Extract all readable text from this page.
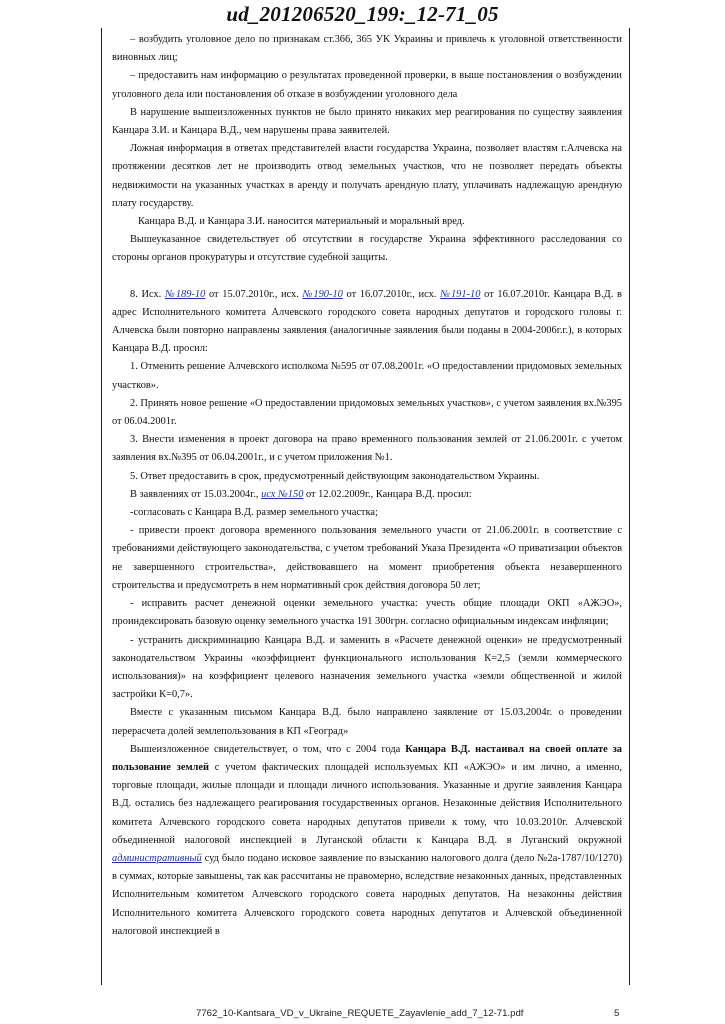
ud_201206520_199:_12-71_05

– возбудить уголовное дело по признакам ст.366, 365 УК Украины и привлечь к уголовной ответственности виновных лиц;

– предоставить нам информацию о результатах проведенной проверки, в выше постановления о возбуждении уголовного дела или постановления об отказе в возбуждении уголовного дела

В нарушение вышеизложенных пунктов не было принято никаких мер реагирования по существу заявления Канцара З.И. и Канцара В.Д., чем нарушены права заявителей.

Ложная информация в ответах представителей власти государства Украина, позволяет властям г.Алчевска на протяжении десятков лет не производить отвод земельных участков, что не позволяет передать объекты недвижимости на указанных участках в аренду и получать арендную плату, уплачивать надлежащую арендную плату государству.

Канцара В.Д. и Канцара З.И. наносится материальный и моральный вред.

Вышеуказанное свидетельствует об отсутствии в государстве Украина эффективного расследования со стороны органов прокуратуры и отсутствие судебной защиты.

8. Исх. №189-10 от 15.07.2010г., исх. №190-10 от 16.07.2010г., исх. №191-10 от 16.07.2010г. Канцара В.Д. в адрес Исполнительного комитета Алчевского городского совета народных депутатов и городского головы г. Алчевска были повторно направлены заявления (аналогичные заявления были поданы в 2004-2006г.г.), в которых Канцара В.Д. просил:

1. Отменить решение Алчевского исполкома №595 от 07.08.2001г. «О предоставлении придомовых земельных участков».

2. Принять новое решение «О предоставлении придомовых земельных участков», с учетом заявления вх.№395 от 06.04.2001г.

3. Внести изменения в проект договора на право временного пользования землей от 21.06.2001г. с учетом заявления вх.№395 от 06.04.2001г., и с учетом приложения №1.

5. Ответ предоставить в срок, предусмотренный действующим законодательством Украины.

В заявлениях от 15.03.2004г., исх №150 от 12.02.2009г., Канцара В.Д. просил:

-согласовать с Канцара В.Д. размер земельного участка;

- привести проект договора временного пользования земельного участи от 21.06.2001г. в соответствие с требованиями действующего законодательства, с учетом требований Указа Президента «О приватизации объектов не завершенного строительства», действовавшего на момент приобретения объекта незавершенного строительства и предусмотреть в нем нормативный срок действия договора 50 лет;

- исправить расчет денежной оценки земельного участка: учесть общие площади ОКП «АЖЭО», проиндексировать базовую оценку земельного участка 191 300грн. согласно официальным индексам инфляции;

- устранить дискриминацию Канцара В.Д. и заменить в «Расчете денежной оценки» не предусмотренный законодательством Украины «коэффициент функционального использования К=2,5 (земли коммерческого использования)» на коэффициент целевого назначения земельного участка «земли общественной и жилой застройки К=0,7».

Вместе с указанным письмом Канцара В.Д. было направлено заявление от 15.03.2004г. о проведении перерасчета долей землепользования в КП «Геоград»

Вышеизложенное свидетельствует, о том, что с 2004 года Канцара В.Д. настаивал на своей оплате за пользование землей с учетом фактических площадей используемых КП «АЖЭО» и им лично, а именно, торговые площади, жилые площади и площади личного использования. Указанные и другие заявления Канцара В.Д. остались без надлежащего реагирования государственных органов. Незаконные действия Исполнительного комитета Алчевского городского совета народных депутатов привели к тому, что 10.03.2010г. Алчевской объединенной налоговой инспекцией в Луганской области к Канцара В.Д. в Луганский окружной административный суд было подано исковое заявление по взысканию налогового долга (дело №2а-1787/10/1270) в суммах, которые завышены, так как рассчитаны не правомерно, вследствие незаконных данных, представленных Исполнительным комитетом Алчевского городского совета народных депутатов. На незаконны действия Исполнительного комитета Алчевского городского совета народных депутатов и Алчевской объединенной налоговой инспекцией в

7762_10-Kantsara_VD_v_Ukraine_REQUETE_Zayavlenie_add_7_12-71.pdf	5
